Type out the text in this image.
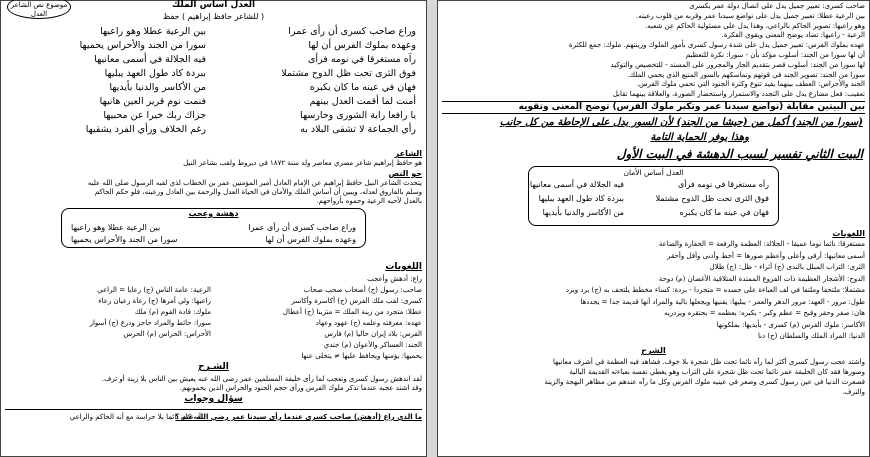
موضوع نص الشاعر العدل
العدل أساس الملك
( للشاعر حافظ إبراهيم ) حفظ
وراع صاحب كسرى أن رأى عمرا
بين الرعية عطلا وهو راعيها
وعهده بملوك الفرس أن لها
سورا من الجند والأحراس يحميها
رآه مستغرقا في نومه فرأى
فيه الجلالة في أسمى معانيها
فوق الثرى تحت ظل الدوح مشتملا
ببردة كاد طول العهد يبليها
فهان في عينه ما كان يكبره
من الأكاسر والدنيا بأيديها
أمنت لما أقمت العدل بينهم
فنمت نوم قرير العين هانيها
يا رافعا راية الشورى وحارسها
جزاك ربك خيرا عن محبيها
رأي الجماعة لا تشقى البلاد به
رغم الخلاف ورأي الفرد يشقيها
الشاعر
هو حافظ إبراهيم شاعر مصري معاصر ولد سنة ١٨٧٢ في ديروط ولقب بشاعر النيل
جو النص
يتحدث الشاعر النيل حافظ إبراهيم عن الإمام العادل أمير المؤمنين عمر بن الخطاب لذي لقبه الرسول صلى الله عليه
وسلم بالفاروق لعدله، ويبين أن أساس الملك والأمان في الحياة العدل والرحمة بين العادل ورعيته، فلو حكم الحاكم
بالعدل لأحبه الرعية وحموه بأرواحهم.
دهشة وعجب
وراع صاحب كسرى أن رأى عمرا
بين الرعية عطلا وهو راعيها
وعهده بملوك الفرس أن لها
سورا من الجند والأحراس يحميها
اللغويات
راع: أدهش وأعجب
صاحب: رسول (ج) أصحاب صحب صحاب
الرعية: عامة الناس (ج) رعايا = الراعي
كسرى: لقب ملك الفرس (ج) أكاسرة وأكاسر
راعيها: ولي أمرها (ج) رعاة رعيان رعاء
عطلا: متجرد من زينة الملك = متزينا (ج) أعطال
ملوك: قادة القوم (م) ملك
عهده: معرفته وعلمه (ج) عهود وعهاد
سورا: حائط والمراد حاجز ودرع (ج) أسوار
الفرس: بلاد إيران حاليا (م) فارس
الأحراس: الحراس (م) الحرس
الجند: العساكر والأعوان (م) جندي
يحميها: يؤمنها ويحافظ عليها ≠ يتخلى عنها
الشـرح
لقد اندهش رسول كسرى وتعجب لما رأى خليفة المسلمين عمر رضى الله عنه يعيش بين الناس بلا زينة أو ترف.
وقد اشتد عجبه عندما تذكر ملوك الفرس ورأى حجم الجنود والحراس الذين يحمونهم.
سؤال وجواب
ما الذي راع (أدهش) صاحب كسرى عندما رأى سيدنا عمر رضي الله عنه ؟
أنه كان نائما بلا حراسة مع أنه الحاكم والراعي
صاحب كسرى: تعبير جميل يدل على اتصال دولة عمر بكسرى
بين الرعية عطلا: تعبير جميل يدل على تواضع سيدنا عمر وقربه من قلوب رعيته.
وهو راعيها: تصوير الحاكم بالراعي، وهذا يدل على مسئولية الحاكم عن شعبه.
الرعية - راعيها: تضاد يوضح المعنى ويقوي الفكرة.
عهده بملوك الفرس: تعبير جميل يدل على شدة رسول كسرى بأمور الملوك وزينتهم. ملوك: جمع للكثرة
أن لها سورا من الجند: أسلوب مؤكد بأن - سورا: نكرة للتعظيم
لها سورا من الجند: أسلوب قصر بتقديم الجار والمجرور على المسند - للتخصيص والتوكيد
سورا من الجند: تصوير الجند في قوتهم وتماسكهم بالسور المنيع الذي يحمي الملك.
الجند والأحراس: العطف بينهما يفيد تنوع وكثرة الجنود التي تحمي ملوك الفرس.
تعقيب: فعل مضارع يدل على التجدد والاستمرار واستحضار الصورة. والعلاقة بينهما تقابل
بين البيتين مقابلة (تواضع سيدنا عمر وتكبر ملوك الفرس) توضح المعنى وتقويه
(سورا من الجند) أكمل من (حيشا من الجند) لأن السور يدل على الإحاطة من كل جانب
وهذا يوفر الحماية التامة
البيت الثاني تفسير لسبب الدهشة في البيت الأول
العدل أساس الأمان
رآه مستغرقا في نومه فرأى
فيه الجلالة في أسمى معانيها
فوق الثرى تحت ظل الدوح مشتملا
ببردة كاد طول العهد يبليها
فهان في عينه ما كان يكبره
من الأكاسر والدنيا بأيديها
اللغويات
مستغرقا: نائما نوما عميقا - الجلالة: العظمة والرفعة = الحقارة والضاعة
أسمى معانيها: أرقى وأعلى وأعظم صورها = أحط وأدنى وأقل وأحقر
الثرى: التراب المبلل بالندى (ج) أثراء - ظل: (ج) ظلال
الدوح: الأشجار العظيمة ذات الفروع الممتدة المتلاقية الأغصان (م) دوحة
مشتملا: ملتحفا وملتفا في لف العباءة على جسده = متجردا - بردة: كساء مخطط يلتحف به (ج) برد وبرد
طول: مرور - العهد: مرور الدهر والعمر - يبليها: يفنيها ويجعلها بالية والمراد أنها قديمة جدا = يجددها
هان: صغر وحقر وقبح = عظم وكبر - يكبره: يعظمه = يحتقره ويزدريه
الأكاسر: ملوك الفرس (م) كسرى - بأيديها: بملكونها
الدنيا: المراد الملك والسلطان (ج) دنا
الشرح
واشتد عجب رسول كسرى أكثر لما رآه نائما تحت ظل شجرة بلا خوف. فشاهد فيه العظمة في أشرف معانيها
وصورها فقد كان الخليفة عمر نائما تحت ظل شجرة على التراب وهو يغطي نفسه بعباءته القديمة البالية
فصغرت الدنيا في عين رسول كسرى وصغر في عينيه ملوك الفرس وكل ما رآه عندهم من مظاهر البهجة والزينة
والترف.
